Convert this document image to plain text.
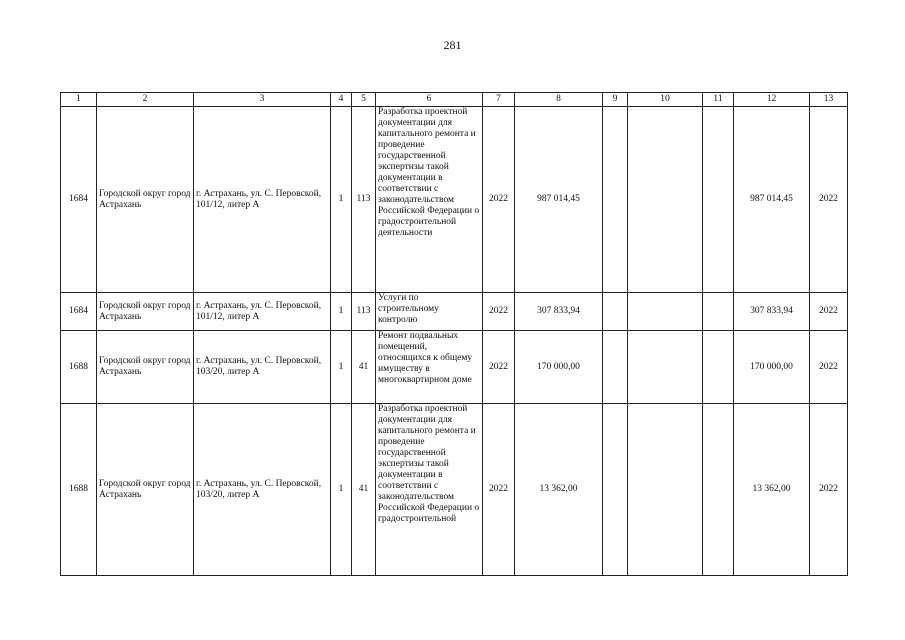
281
1	2	3	4	5	6	7	8	9	10	11	12	13
1684	Городской округ город Астрахань	г. Астрахань, ул. С. Перовской, 101/12, литер А	1	113	Разработка проектной документации для капитального ремонта и проведение государственной экспертизы такой документации в соответствии с законодательством Российской Федерации о градостроительной деятельности	2022	987 014,45				987 014,45	2022
1684	Городской округ город Астрахань	г. Астрахань, ул. С. Перовской, 101/12, литер А	1	113	Услуги по строительному контролю	2022	307 833,94				307 833,94	2022
1688	Городской округ город Астрахань	г. Астрахань, ул. С. Перовской, 103/20, литер А	1	41	Ремонт подвальных помещений, относящихся к общему имуществу в многоквартирном доме	2022	170 000,00				170 000,00	2022
1688	Городской округ город Астрахань	г. Астрахань, ул. С. Перовской, 103/20, литер А	1	41	Разработка проектной документации для капитального ремонта и проведение государственной экспертизы такой документации в соответствии с законодательством Российской Федерации о градостроительной	2022	13 362,00				13 362,00	2022
